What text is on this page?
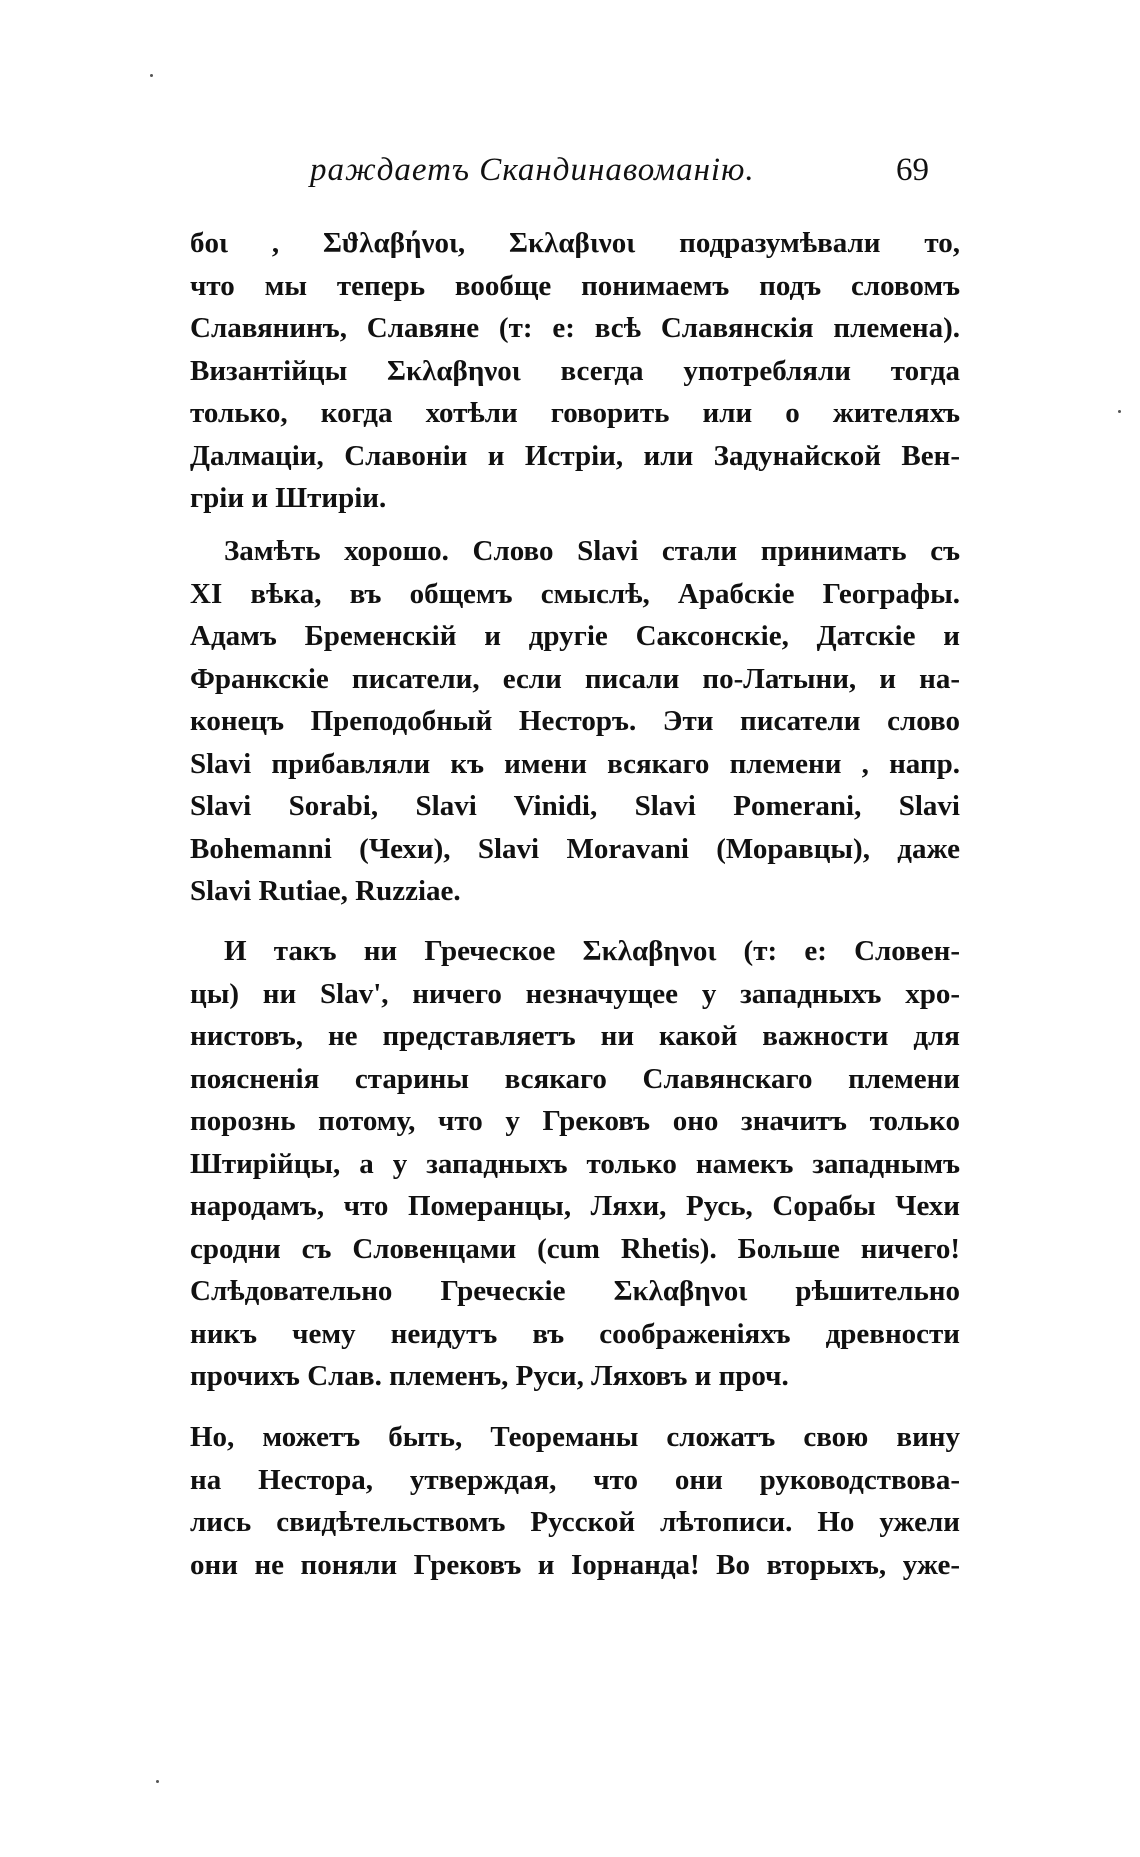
раждаетъ Скандинавоманію.	69
бοι , Σϑλαβήνοι, Σκλαβινοι подразумѣвали то,
что мы теперь вообще понимаемъ подъ словомъ
Славянинъ, Славяне (т: е: всѣ Славянскія племена).
Византійцы Σκλαβηνοι всегда употребляли тогда
только, когда хотѣли говорить или о жителяхъ
Далмаціи, Славоніи и Истріи, или Задунайской Вен-
гріи и Штиріи.
Замѣть хорошо. Слово Slavi стали принимать съ
XI вѣка, въ общемъ смыслѣ, Арабскіе Географы.
Адамъ Бременскій и другіе Саксонскіе, Датскіе и
Франкскіе писатели, если писали по-Латыни, и на-
конецъ Преподобный Несторъ. Эти писатели слово
Slavi прибавляли къ имени всякаго племени , напр.
Slavi Sorabi, Slavi Vinidi, Slavi Pomerani, Slavi
Bohemanni (Чехи), Slavi Moravani (Моравцы), даже
Slavi Rutiae, Ruzziae.
И такъ ни Греческое Σκλαβηνοι (т: е: Словен-
цы) ни Slav', ничего незначущее у западныхъ хро-
нистовъ, не представляетъ ни какой важности для
поясненія старины всякаго Славянскаго племени
порознь потому, что у Грековъ оно значитъ только
Штирійцы, а у западныхъ только намекъ западнымъ
народамъ, что Померанцы, Ляхи, Русь, Сорабы Чехи
сродни съ Словенцами (cum Rhetis). Больше ничего!
Слѣдовательно Греческіе Σκλαβηνοι рѣшительно
никъ чему неидутъ въ соображеніяхъ древности
прочихъ Слав. племенъ, Руси, Ляховъ и проч.
Но, можетъ быть, Теореманы сложатъ свою вину
на Нестора, утверждая, что они руководствова-
лись свидѣтельствомъ Русской лѣтописи. Но ужели
они не поняли Грековъ и Іорнанда! Во вторыхъ, уже-
